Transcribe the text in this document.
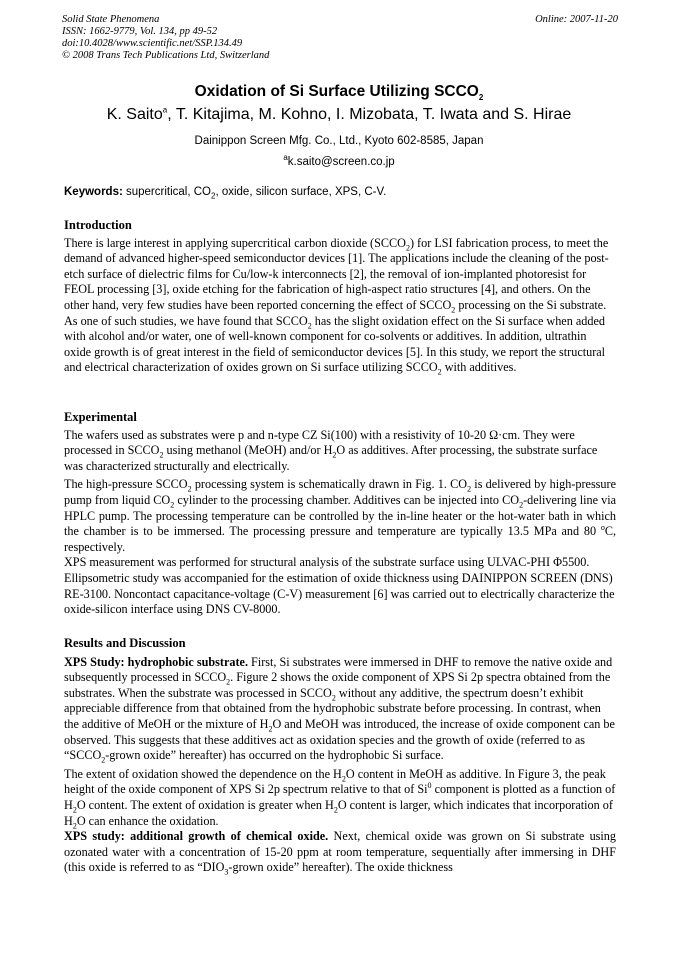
Solid State Phenomena
ISSN: 1662-9779, Vol. 134, pp 49-52
doi:10.4028/www.scientific.net/SSP.134.49
© 2008 Trans Tech Publications Ltd, Switzerland
Online: 2007-11-20
Oxidation of Si Surface Utilizing $SCCO_2$
K. Saito$^a$, T. Kitajima, M. Kohno, I. Mizobata, T. Iwata and S. Hirae
Dainippon Screen Mfg. Co., Ltd., Kyoto 602-8585, Japan
$^a$k.saito@screen.co.jp
Keywords: supercritical, $CO_2$, oxide, silicon surface, XPS, C-V.

Introduction

There is large interest in applying supercritical carbon dioxide $(SCCO_2)$ for LSI fabrication process, to meet the demand of advanced higher-speed semiconductor devices [1]. The applications include the cleaning of the post-etch surface of dielectric films for Cu/low-k interconnects [2], the removal of ion-implanted photoresist for FEOL processing [3], oxide etching for the fabrication of high-aspect ratio structures [4], and others. On the other hand, very few studies have been reported concerning the effect of $SCCO_2$ processing on the Si substrate. As one of such studies, we have found that $SCCO_2$ has the slight oxidation effect on the Si surface when added with alcohol and/or water, one of well-known component for co-solvents or additives. In addition, ultrathin oxide growth is of great interest in the field of semiconductor devices [5]. In this study, we report the structural and electrical characterization of oxides grown on Si surface utilizing $SCCO_2$ with additives.

Experimental

The wafers used as substrates were p and n-type CZ Si(100) with a resistivity of 10-20 Ω·cm. They were processed in $SCCO_2$ using methanol (MeOH) and/or $H_2O$ as additives. After processing, the substrate surface was characterized structurally and electrically.

The high-pressure $SCCO_2$ processing system is schematically drawn in Fig. 1. $CO_2$ is delivered by high-pressure pump from liquid $CO_2$ cylinder to the processing chamber. Additives can be injected into $CO_2$-delivering line via HPLC pump. The processing temperature can be controlled by the in-line heater or the hot-water bath in which the chamber is to be immersed. The processing pressure and temperature are typically 13.5 MPa and 80 $^o$C, respectively.

XPS measurement was performed for structural analysis of the substrate surface using ULVAC-PHI Φ5500. Ellipsometric study was accompanied for the estimation of oxide thickness using DAINIPPON SCREEN (DNS) RE-3100. Noncontact capacitance-voltage (C-V) measurement [6] was carried out to electrically characterize the oxide-silicon interface using DNS CV-8000.

Results and Discussion

XPS Study: hydrophobic substrate. First, Si substrates were immersed in DHF to remove the native oxide and subsequently processed in $SCCO_2$. Figure 2 shows the oxide component of XPS Si 2p spectra obtained from the substrates. When the substrate was processed in $SCCO_2$ without any additive, the spectrum doesn’t exhibit appreciable difference from that obtained from the hydrophobic substrate before processing. In contrast, when the additive of MeOH or the mixture of $H_2O$ and MeOH was introduced, the increase of oxide component can be observed. This suggests that these additives act as oxidation species and the growth of oxide (referred to as “$SCCO_2$-grown oxide” hereafter) has occurred on the hydrophobic Si surface.

The extent of oxidation showed the dependence on the $H_2O$ content in MeOH as additive. In Figure 3, the peak height of the oxide component of XPS Si 2p spectrum relative to that of Si$^0$ component is plotted as a function of $H_2O$ content. The extent of oxidation is greater when $H_2O$ content is larger, which indicates that incorporation of $H_2O$ can enhance the oxidation.

XPS study: additional growth of chemical oxide. Next, chemical oxide was grown on Si substrate using ozonated water with a concentration of 15-20 ppm at room temperature, sequentially after immersing in DHF (this oxide is referred to as “$DIO_3$-grown oxide” hereafter). The oxide thickness
